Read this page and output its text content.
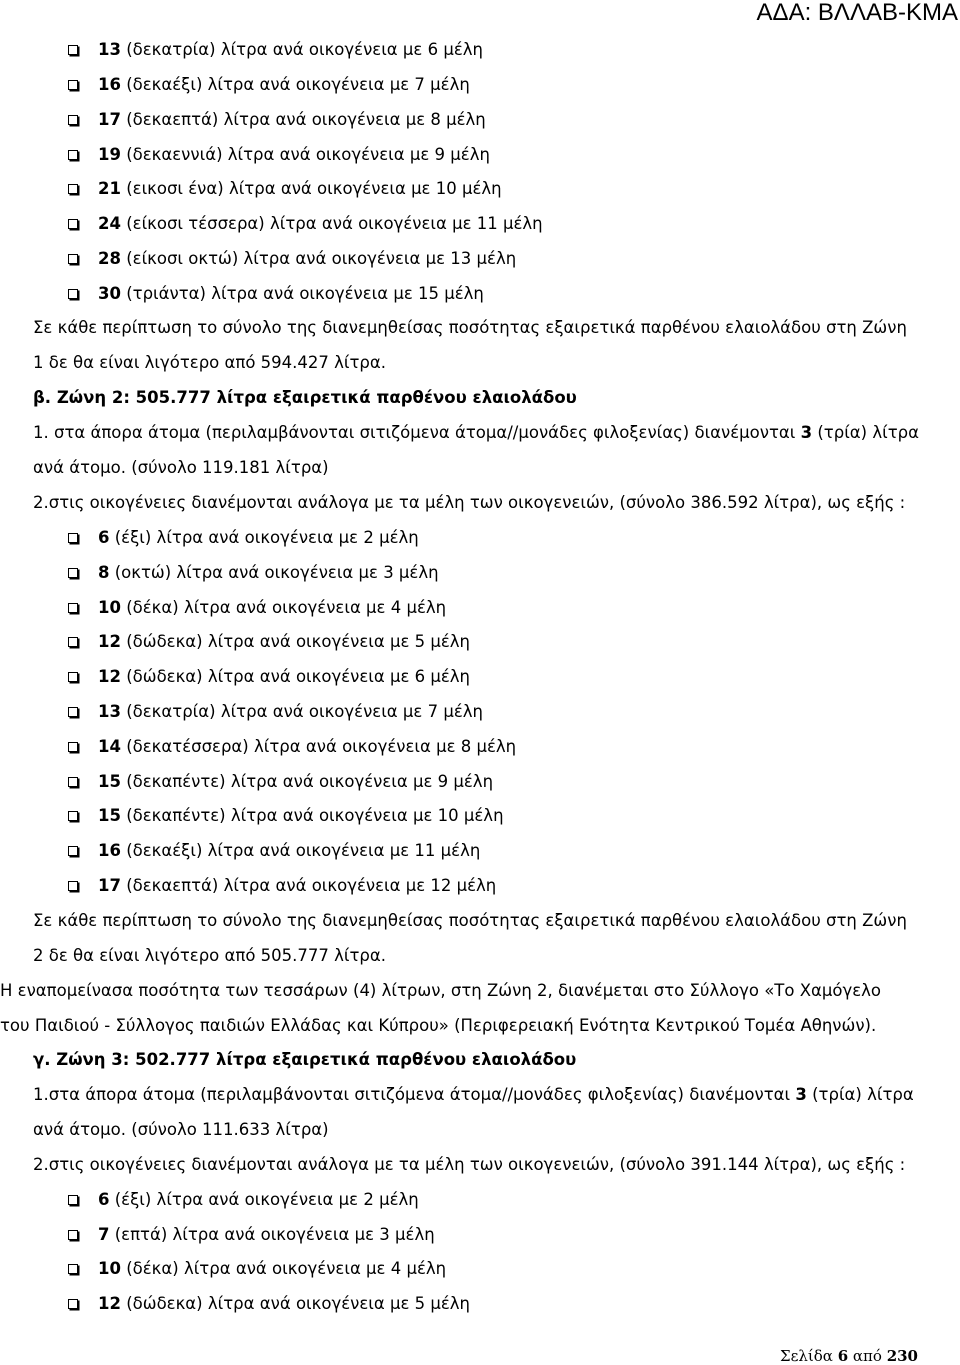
ΑΔΑ: ΒΛΛΑΒ-ΚΜΑ
13 (δεκατρία) λίτρα ανά οικογένεια με 6 μέλη
16 (δεκαέξι) λίτρα ανά οικογένεια με 7 μέλη
17 (δεκαεπτά) λίτρα ανά οικογένεια με 8 μέλη
19 (δεκαεννιά) λίτρα ανά οικογένεια με 9 μέλη
21 (εικοσι ένα) λίτρα ανά οικογένεια με 10 μέλη
24 (είκοσι τέσσερα) λίτρα ανά οικογένεια με 11 μέλη
28 (είκοσι οκτώ) λίτρα ανά οικογένεια με 13 μέλη
30 (τριάντα) λίτρα ανά οικογένεια με 15 μέλη
Σε κάθε περίπτωση το σύνολο της διανεμηθείσας ποσότητας εξαιρετικά παρθένου ελαιολάδου στη Ζώνη
1 δε θα είναι λιγότερο από 594.427 λίτρα.
β. Ζώνη 2: 505.777 λίτρα εξαιρετικά παρθένου ελαιολάδου
1. στα άπορα άτομα (περιλαμβάνονται σιτιζόμενα άτομα//μονάδες φιλοξενίας) διανέμονται 3 (τρία) λίτρα
ανά άτομο. (σύνολο 119.181 λίτρα)
2.στις οικογένειες διανέμονται ανάλογα με τα μέλη των οικογενειών, (σύνολο 386.592 λίτρα), ως εξής :
6 (έξι) λίτρα ανά οικογένεια με 2 μέλη
8 (οκτώ) λίτρα ανά οικογένεια με 3 μέλη
10 (δέκα) λίτρα ανά οικογένεια με 4 μέλη
12 (δώδεκα) λίτρα ανά οικογένεια με 5 μέλη
12 (δώδεκα) λίτρα ανά οικογένεια με 6 μέλη
13 (δεκατρία) λίτρα ανά οικογένεια με 7 μέλη
14 (δεκατέσσερα) λίτρα ανά οικογένεια με 8 μέλη
15 (δεκαπέντε) λίτρα ανά οικογένεια με 9 μέλη
15 (δεκαπέντε) λίτρα ανά οικογένεια με 10 μέλη
16 (δεκαέξι) λίτρα ανά οικογένεια με 11 μέλη
17 (δεκαεπτά) λίτρα ανά οικογένεια με 12 μέλη
Σε κάθε περίπτωση το σύνολο της διανεμηθείσας ποσότητας εξαιρετικά παρθένου ελαιολάδου στη Ζώνη
2 δε θα είναι λιγότερο από 505.777 λίτρα.
Η εναπομείνασα ποσότητα των τεσσάρων (4) λίτρων, στη Ζώνη 2, διανέμεται στο Σύλλογο «Το Χαμόγελο
του Παιδιού - Σύλλογος παιδιών Ελλάδας και Κύπρου» (Περιφερειακή Ενότητα Κεντρικού Τομέα Αθηνών).
γ. Ζώνη 3: 502.777 λίτρα εξαιρετικά παρθένου ελαιολάδου
1.στα άπορα άτομα (περιλαμβάνονται σιτιζόμενα άτομα//μονάδες φιλοξενίας) διανέμονται 3 (τρία) λίτρα
ανά άτομο. (σύνολο 111.633 λίτρα)
2.στις οικογένειες διανέμονται ανάλογα με τα μέλη των οικογενειών, (σύνολο 391.144 λίτρα), ως εξής :
6 (έξι) λίτρα ανά οικογένεια με 2 μέλη
7 (επτά) λίτρα ανά οικογένεια με 3 μέλη
10 (δέκα) λίτρα ανά οικογένεια με 4 μέλη
12 (δώδεκα) λίτρα ανά οικογένεια με 5 μέλη
Σελίδα 6 από 230
